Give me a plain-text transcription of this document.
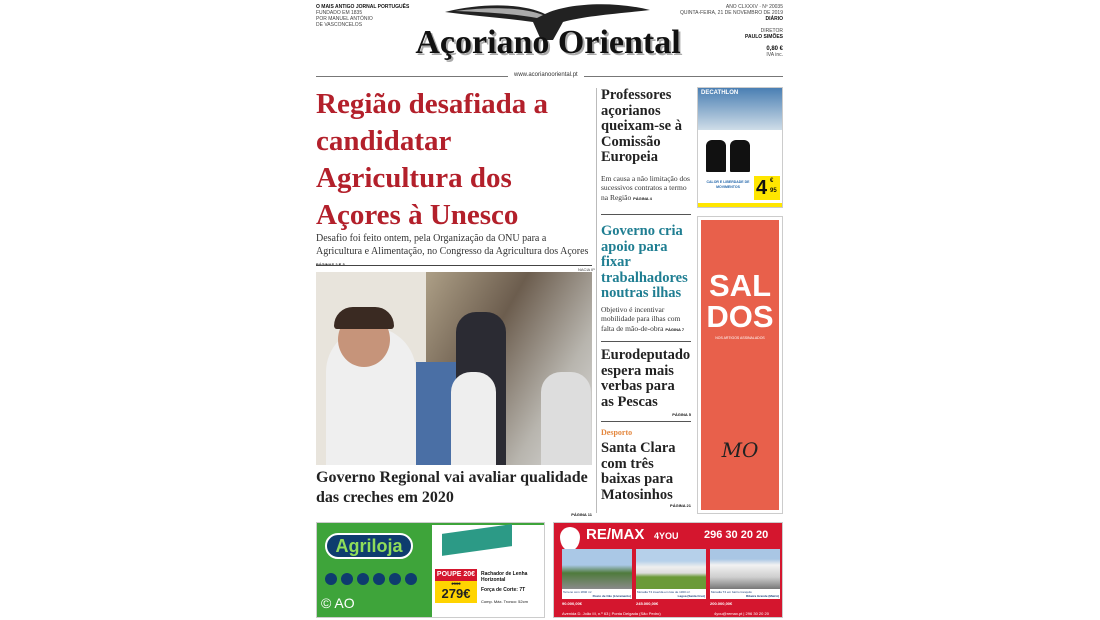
O MAIS ANTIGO JORNAL PORTUGUÊS
FUNDADO EM 1835
POR MANUEL ANTÓNIO
DE VASCONCELOS	Açoriano Oriental
ANO CLXXXV · Nº 20035
QUINTA-FEIRA, 21 DE NOVEMBRO DE 2019
DIÁRIO
DIRETOR
PAULO SIMÕES
0,80 €
IVA inc.
www.acorianooriental.pt
Região desafiada a candidatar Agricultura dos Açores à Unesco
Desafio foi feito ontem, pela Organização da ONU para a Agricultura e Alimentação, no Congresso da Agricultura dos Açores
NACIA IP
Governo Regional vai avaliar qualidade das creches em 2020
PÁGINA 11
Professores açorianos queixam-se à Comissão Europeia
Em causa a não limitação dos sucessivos contratos a termo na Região PÁGINA 4
Governo cria apoio para fixar trabalhadores noutras ilhas
Objetivo é incentivar mobilidade para ilhas com falta de mão-de-obra PÁGINA 7
Eurodeputado espera mais verbas para as Pescas
PÁGINA 5
Desporto
Santa Clara com três baixas para Matosinhos
PÁGINA 21
DECATHLON
CALOR E LIBERDADE DE MOVIMENTOS 4 €
95
SAL
DOS
NOS ARTIGOS ASSINALADOS
MO
Agriloja
© AO
POUPE 20€
299€
279€
Rachador de Lenha Horizontal
Força de Corte: 7T
Comp. Máx. Tronco: 52cm
RE/MAX 4YOU 296 30 20 20
Terreno com 1840 m²
Rosto de Cão (Livramento)
90.000,00€
Moradia T4 inserida em lote de 1300 m²
Lagoa (Santa Cruz)
245.000,00€
Moradia T4 em bairro tranquilo
Ribeira Grande (Matriz)
200.000,00€
Avenida D. João III, n.º 63 | Ponta Delgada (São Pedro)	4you@remax.pt | 296 30 20 20
